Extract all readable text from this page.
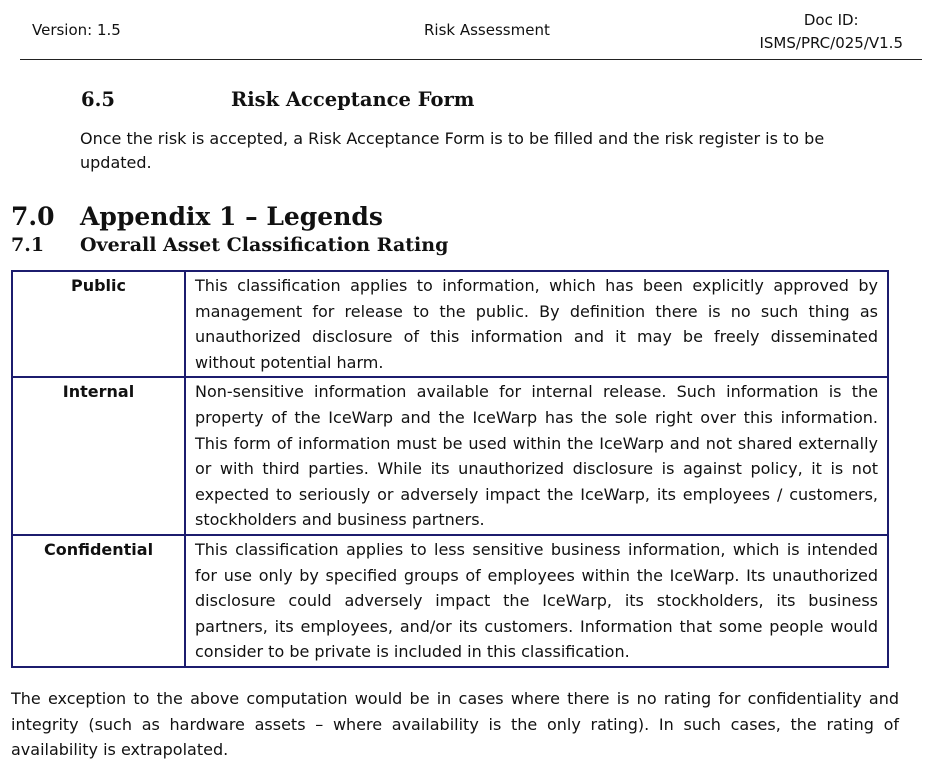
Version: 1.5	Risk Assessment
Doc ID:
ISMS/PRC/025/V1.5
6.5	Risk Acceptance Form
Once the risk is accepted, a Risk Acceptance Form is to be filled and the risk register is to be updated.
7.0 Appendix 1 – Legends
7.1 Overall Asset Classification Rating
Public	This classification applies to information, which has been explicitly approved by management for release to the public. By definition there is no such thing as unauthorized disclosure of this information and it may be freely disseminated without potential harm.
Internal	Non-sensitive information available for internal release. Such information is the property of the IceWarp and the IceWarp has the sole right over this information. This form of information must be used within the IceWarp and not shared externally or with third parties. While its unauthorized disclosure is against policy, it is not expected to seriously or adversely impact the IceWarp, its employees / customers, stockholders and business partners.
Confidential	This classification applies to less sensitive business information, which is intended for use only by specified groups of employees within the IceWarp. Its unauthorized disclosure could adversely impact the IceWarp, its stockholders, its business partners, its employees, and/or its customers. Information that some people would consider to be private is included in this classification.
The exception to the above computation would be in cases where there is no rating for confidentiality and integrity (such as hardware assets – where availability is the only rating). In such cases, the rating of availability is extrapolated.
